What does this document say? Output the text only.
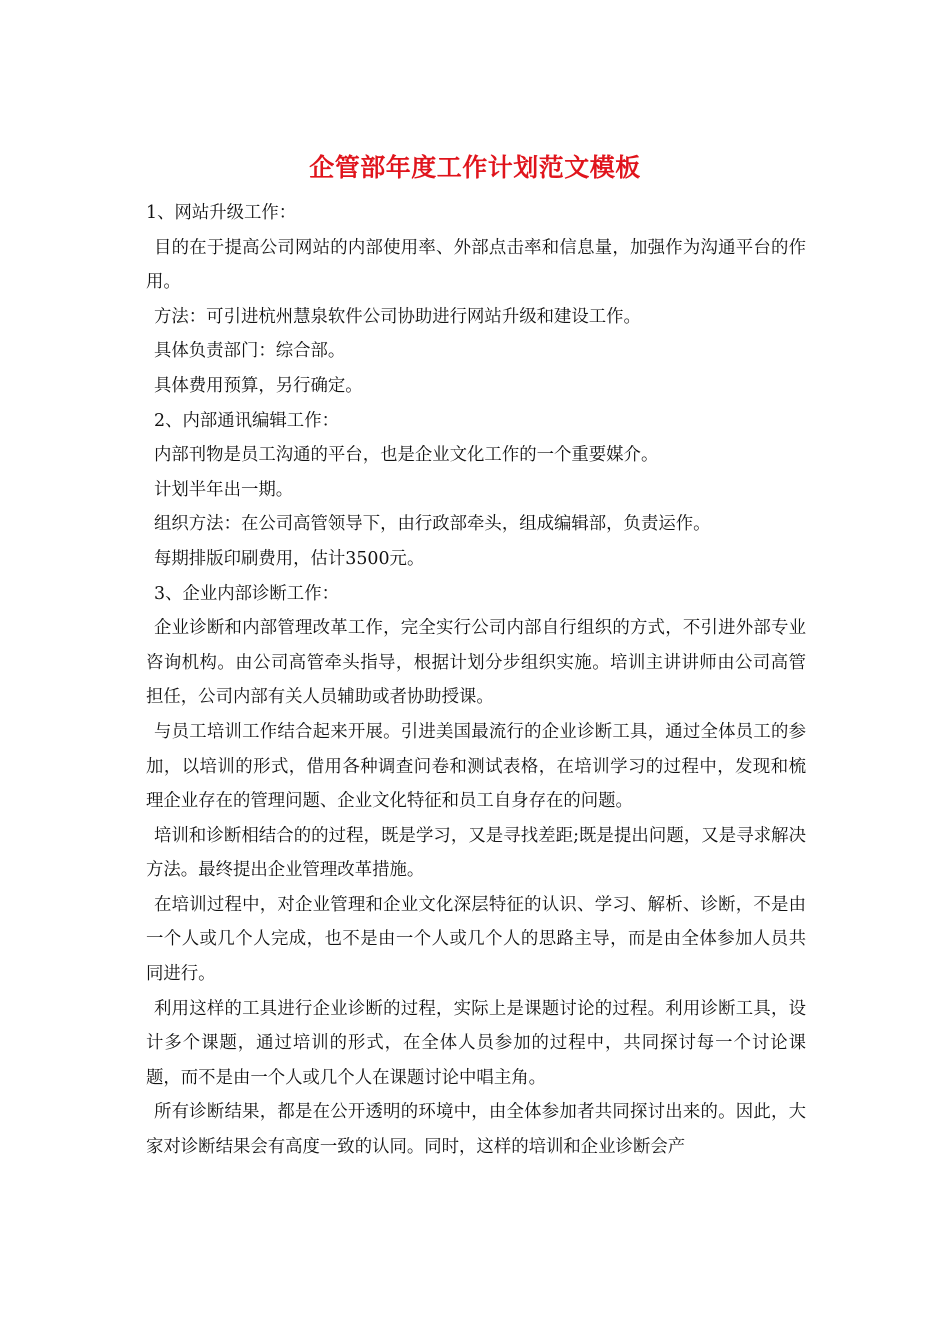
企管部年度工作计划范文模板

1、网站升级工作：

目的在于提高公司网站的内部使用率、外部点击率和信息量，加强作为沟通平台的作用。

方法：可引进杭州慧泉软件公司协助进行网站升级和建设工作。

具体负责部门：综合部。

具体费用预算，另行确定。

2、内部通讯编辑工作：

内部刊物是员工沟通的平台，也是企业文化工作的一个重要媒介。

计划半年出一期。

组织方法：在公司高管领导下，由行政部牵头，组成编辑部，负责运作。

每期排版印刷费用，估计3500元。

3、企业内部诊断工作：

企业诊断和内部管理改革工作，完全实行公司内部自行组织的方式，不引进外部专业咨询机构。由公司高管牵头指导，根据计划分步组织实施。培训主讲讲师由公司高管担任，公司内部有关人员辅助或者协助授课。

与员工培训工作结合起来开展。引进美国最流行的企业诊断工具，通过全体员工的参加，以培训的形式，借用各种调查问卷和测试表格，在培训学习的过程中，发现和梳理企业存在的管理问题、企业文化特征和员工自身存在的问题。

培训和诊断相结合的的过程，既是学习，又是寻找差距;既是提出问题，又是寻求解决方法。最终提出企业管理改革措施。

在培训过程中，对企业管理和企业文化深层特征的认识、学习、解析、诊断，不是由一个人或几个人完成，也不是由一个人或几个人的思路主导，而是由全体参加人员共同进行。

利用这样的工具进行企业诊断的过程，实际上是课题讨论的过程。利用诊断工具，设计多个课题，通过培训的形式，在全体人员参加的过程中，共同探讨每一个讨论课题，而不是由一个人或几个人在课题讨论中唱主角。

所有诊断结果，都是在公开透明的环境中，由全体参加者共同探讨出来的。因此，大家对诊断结果会有高度一致的认同。同时，这样的培训和企业诊断会产
